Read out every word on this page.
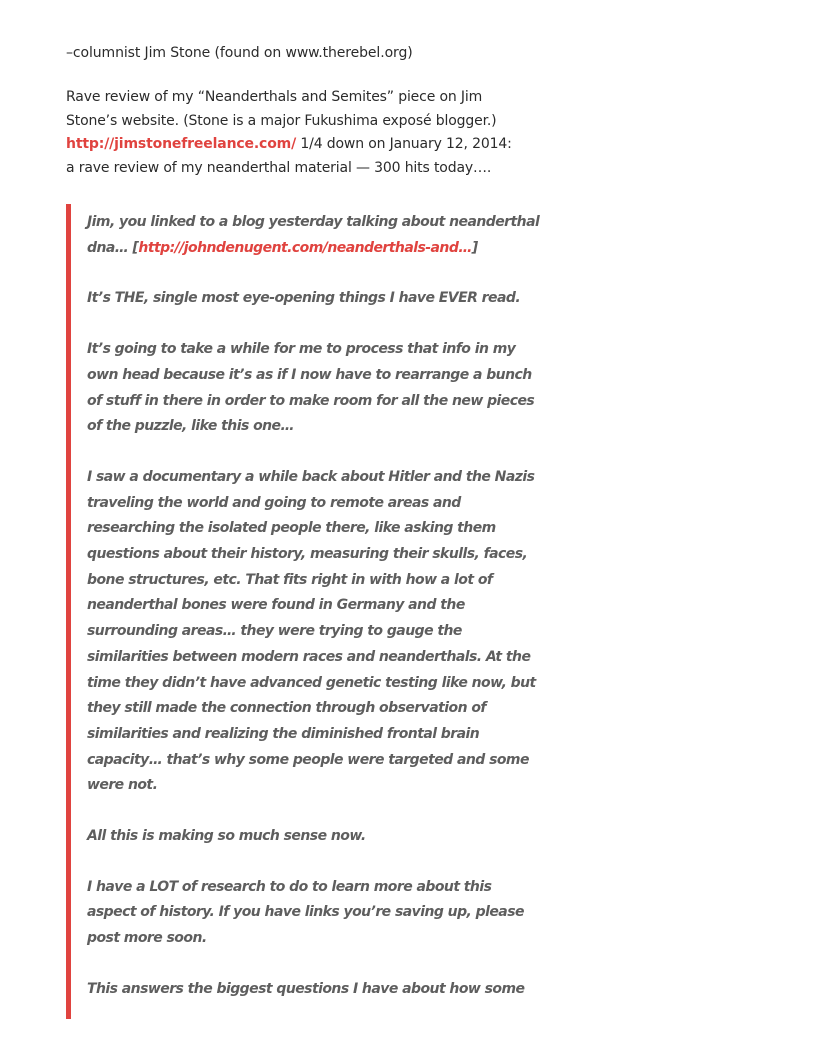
–columnist Jim Stone (found on www.therebel.org)

Rave review of my “Neanderthals and Semites” piece on Jim
Stone’s website. (Stone is a major Fukushima exposé blogger.)
http://jimstonefreelance.com/ 1/4 down on January 12, 2014:
a rave review of my neanderthal material — 300 hits today….

Jim, you linked to a blog yesterday talking about neanderthal
dna… [http://johndenugent.com/neanderthals-and…]

It’s THE, single most eye-opening things I have EVER read.

It’s going to take a while for me to process that info in my
own head because it’s as if I now have to rearrange a bunch
of stuff in there in order to make room for all the new pieces
of the puzzle, like this one…

I saw a documentary a while back about Hitler and the Nazis
traveling the world and going to remote areas and
researching the isolated people there, like asking them
questions about their history, measuring their skulls, faces,
bone structures, etc. That fits right in with how a lot of
neanderthal bones were found in Germany and the
surrounding areas… they were trying to gauge the
similarities between modern races and neanderthals. At the
time they didn’t have advanced genetic testing like now, but
they still made the connection through observation of
similarities and realizing the diminished frontal brain
capacity… that’s why some people were targeted and some
were not.

All this is making so much sense now.

I have a LOT of research to do to learn more about this
aspect of history. If you have links you’re saving up, please
post more soon.

This answers the biggest questions I have about how some
